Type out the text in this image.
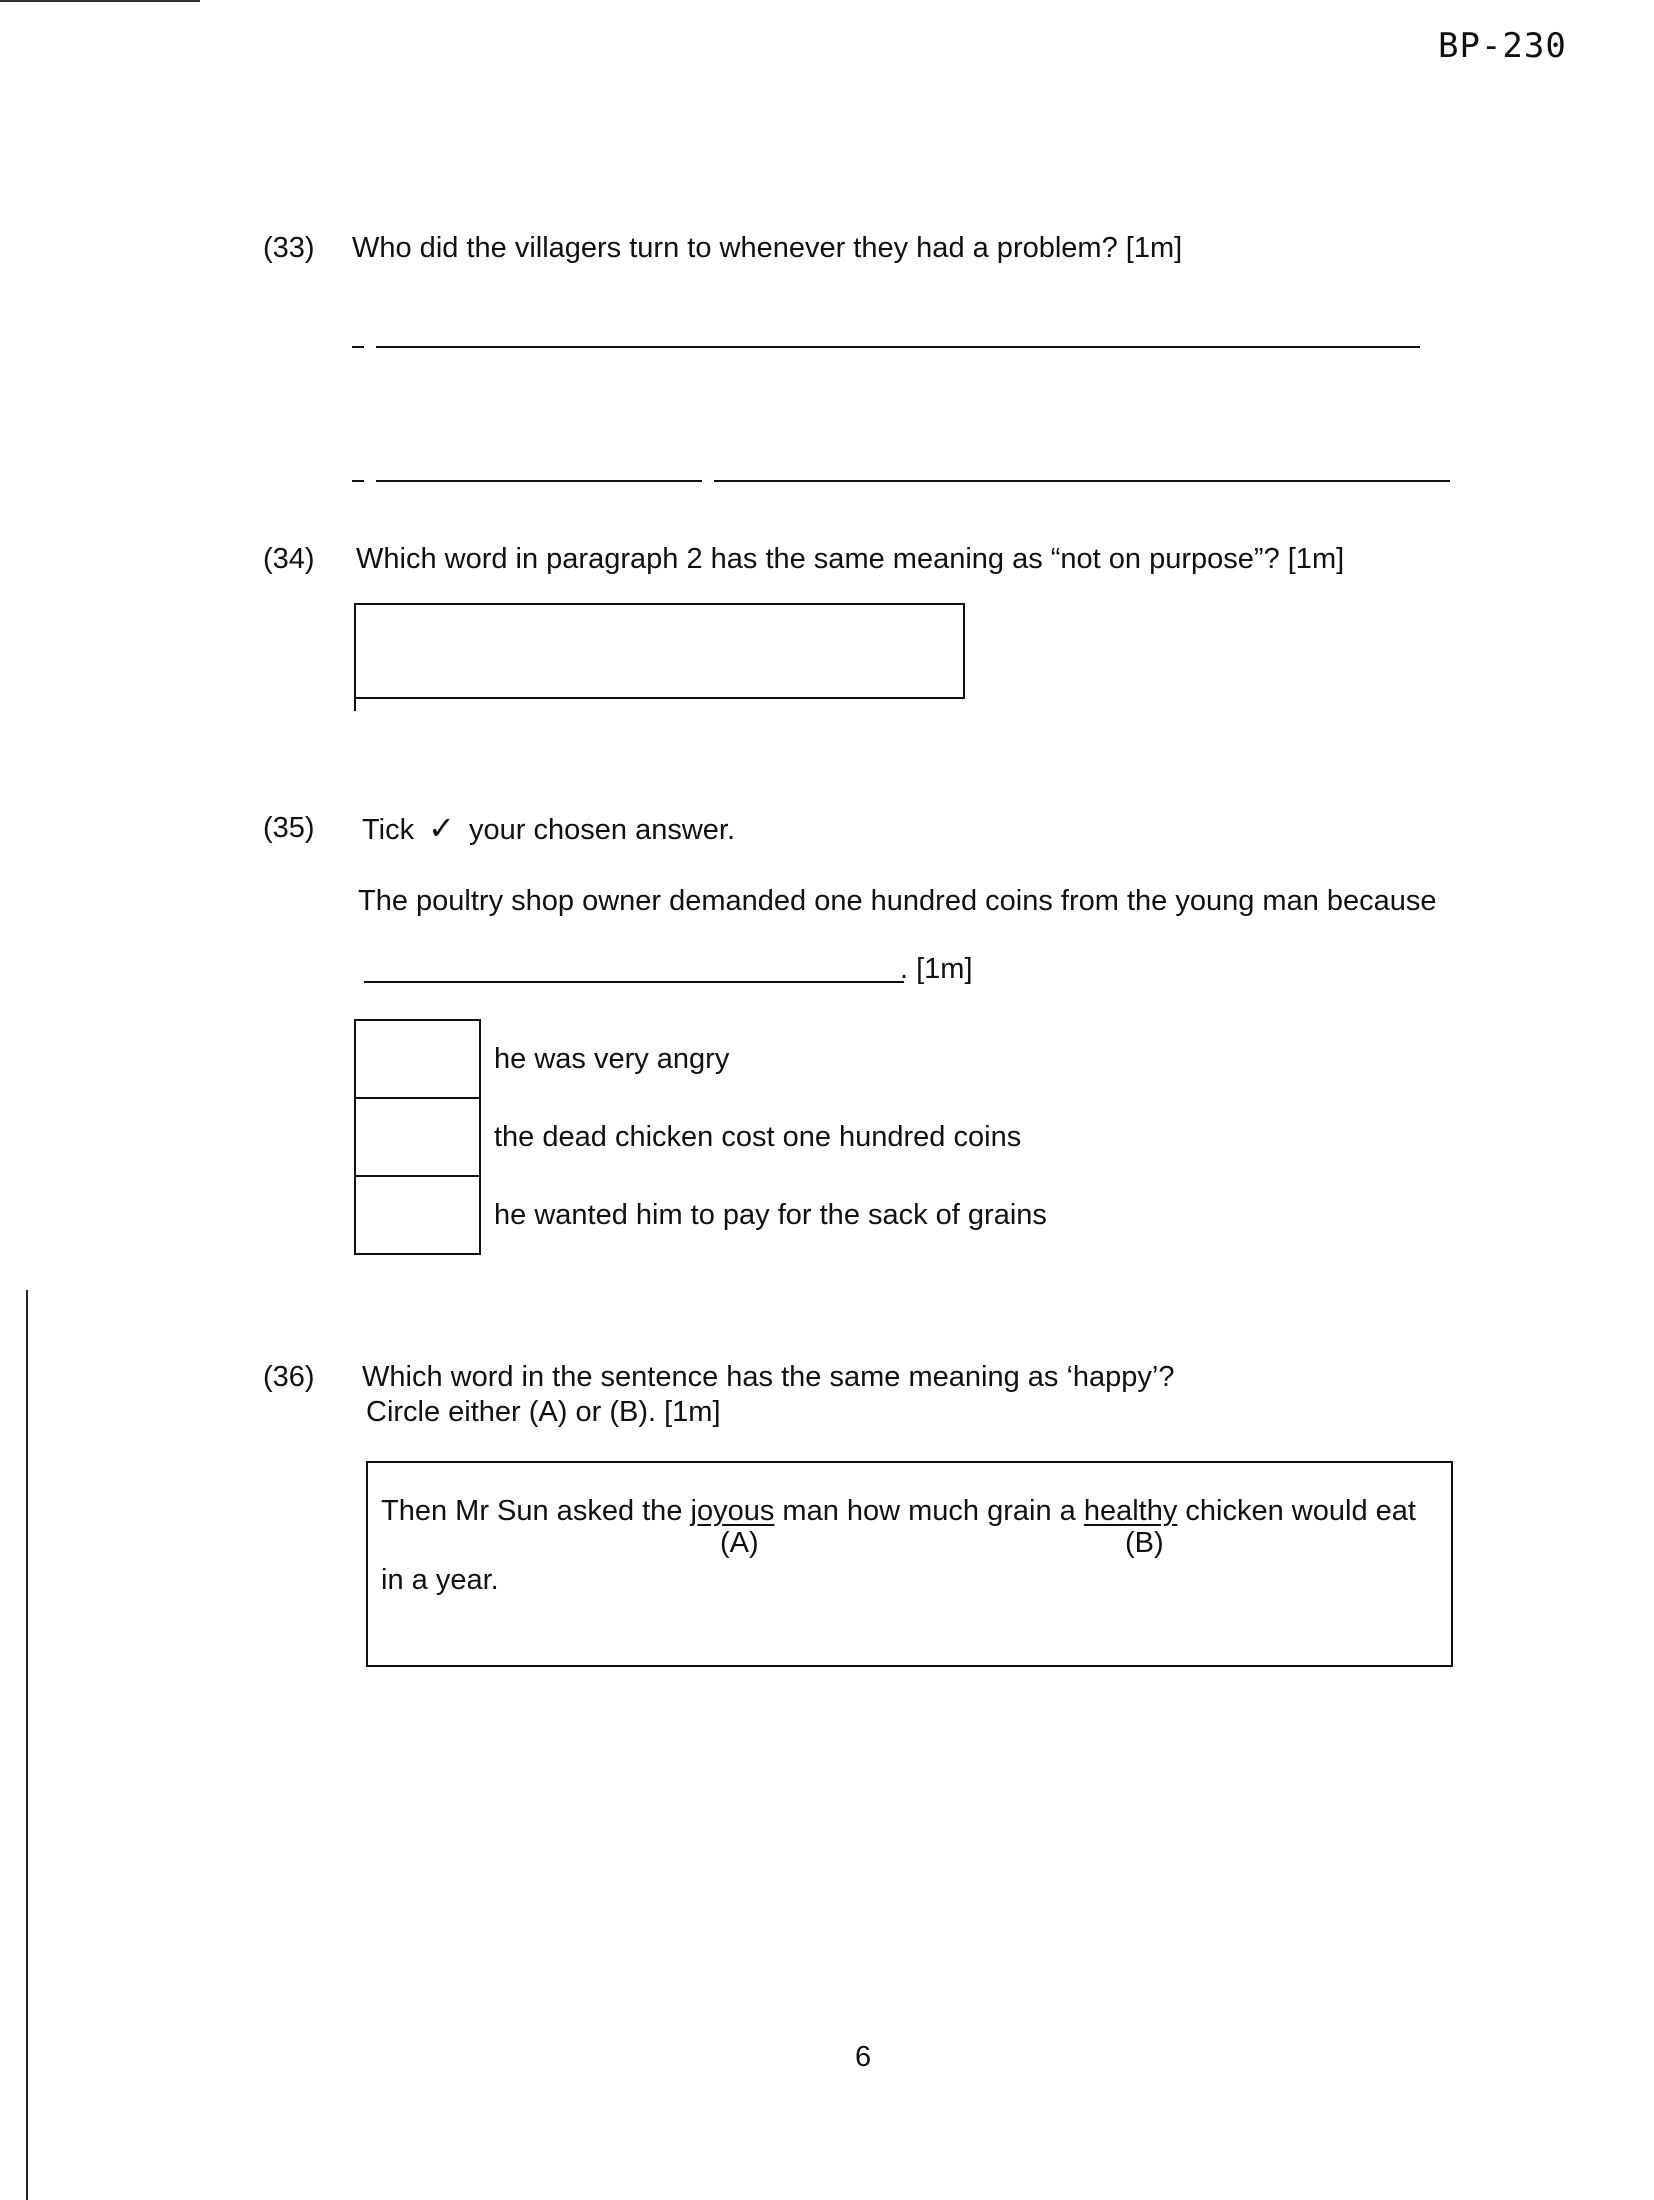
BP-230
(33) Who did the villagers turn to whenever they had a problem? [1m]
(34) Which word in paragraph 2 has the same meaning as “not on purpose”? [1m]
(35) Tick ✓ your chosen answer.
The poultry shop owner demanded one hundred coins from the young man because
. [1m]
he was very angry
the dead chicken cost one hundred coins
he wanted him to pay for the sack of grains
(36) Which word in the sentence has the same meaning as ‘happy’?
Circle either (A) or (B). [1m]
Then Mr Sun asked the joyous man how much grain a healthy chicken would eat
(A)	(B)
in a year.
6
